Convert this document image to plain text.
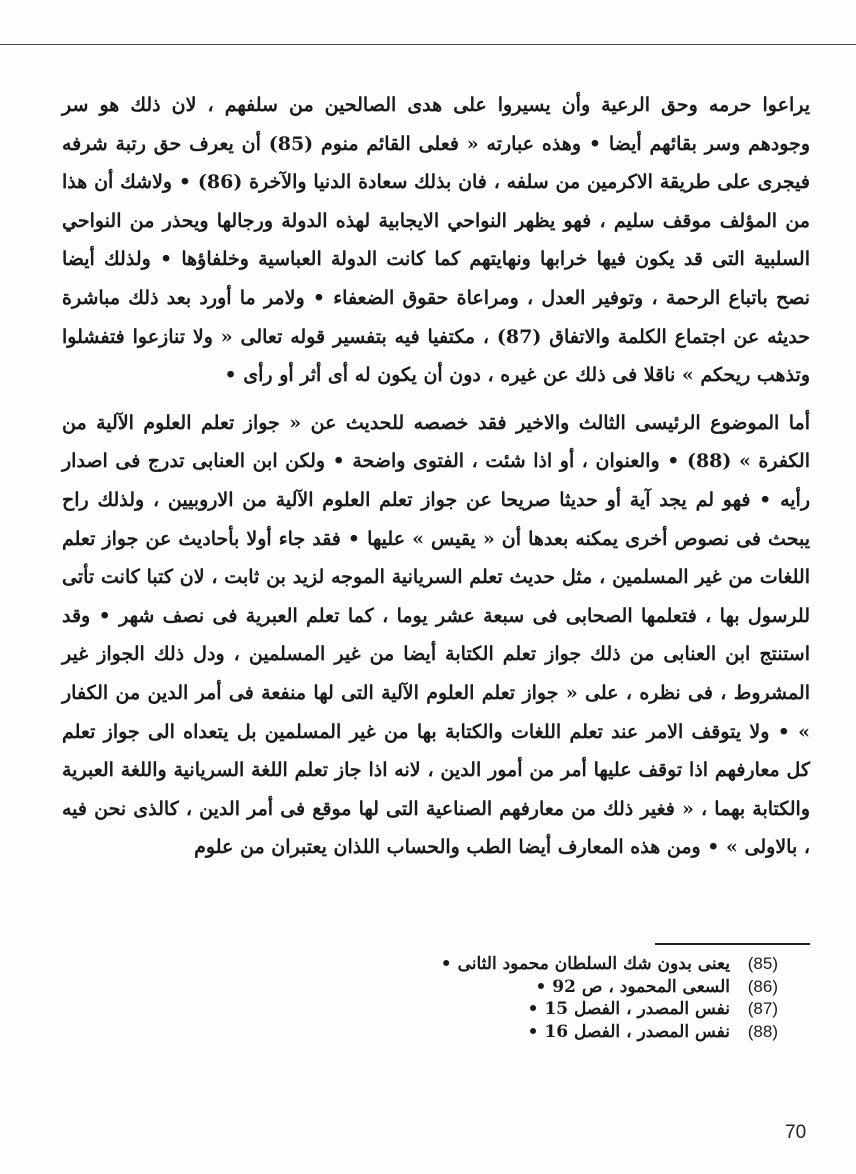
يراعوا حرمه وحق الرعية وأن يسيروا على هدى الصالحين من سلفهم ، لان ذلك هو سر وجودهم وسر بقائهم أيضا • وهذه عبارته « فعلى القائم منوم (85) أن يعرف حق رتبة شرفه فيجرى على طريقة الاكرمين من سلفه ، فان بذلك سعادة الدنيا والآخرة (86) • ولاشك أن هذا من المؤلف موقف سليم ، فهو يظهر النواحي الايجابية لهذه الدولة ورجالها ويحذر من النواحي السلبية التى قد يكون فيها خرابها ونهايتهم كما كانت الدولة العباسية وخلفاؤها • ولذلك أيضا نصح باتباع الرحمة ، وتوفير العدل ، ومراعاة حقوق الضعفاء • ولامر ما أورد بعد ذلك مباشرة حديثه عن اجتماع الكلمة والاتفاق (87) ، مكتفيا فيه بتفسير قوله تعالى « ولا تنازعوا فتفشلوا وتذهب ريحكم » ناقلا فى ذلك عن غيره ، دون أن يكون له أى أثر أو رأى •

أما الموضوع الرئيسى الثالث والاخير فقد خصصه للحديث عن « جواز تعلم العلوم الآلية من الكفرة » (88) • والعنوان ، أو اذا شئت ، الفتوى واضحة • ولكن ابن العنابى تدرج فى اصدار رأيه • فهو لم يجد آية أو حديثا صريحا عن جواز تعلم العلوم الآلية من الاروبيين ، ولذلك راح يبحث فى نصوص أخرى يمكنه بعدها أن « يقيس » عليها • فقد جاء أولا بأحاديث عن جواز تعلم اللغات من غير المسلمين ، مثل حديث تعلم السريانية الموجه لزيد بن ثابت ، لان كتبا كانت تأتى للرسول بها ، فتعلمها الصحابى فى سبعة عشر يوما ، كما تعلم العبرية فى نصف شهر • وقد استنتج ابن العنابى من ذلك جواز تعلم الكتابة أيضا من غير المسلمين ، ودل ذلك الجواز غير المشروط ، فى نظره ، على « جواز تعلم العلوم الآلية التى لها منفعة فى أمر الدين من الكفار » • ولا يتوقف الامر عند تعلم اللغات والكتابة بها من غير المسلمين بل يتعداه الى جواز تعلم كل معارفهم اذا توقف عليها أمر من أمور الدين ، لانه اذا جاز تعلم اللغة السريانية واللغة العبرية والكتابة بهما ، « فغير ذلك من معارفهم الصناعية التى لها موقع فى أمر الدين ، كالذى نحن فيه ، بالاولى » • ومن هذه المعارف أيضا الطب والحساب اللذان يعتبران من علوم

(85)
يعنى بدون شك السلطان محمود الثانى •
(86)
السعى المحمود ، ص 92 •
(87)
نفس المصدر ، الفصل 15 •
(88)
نفس المصدر ، الفصل 16 •
70
